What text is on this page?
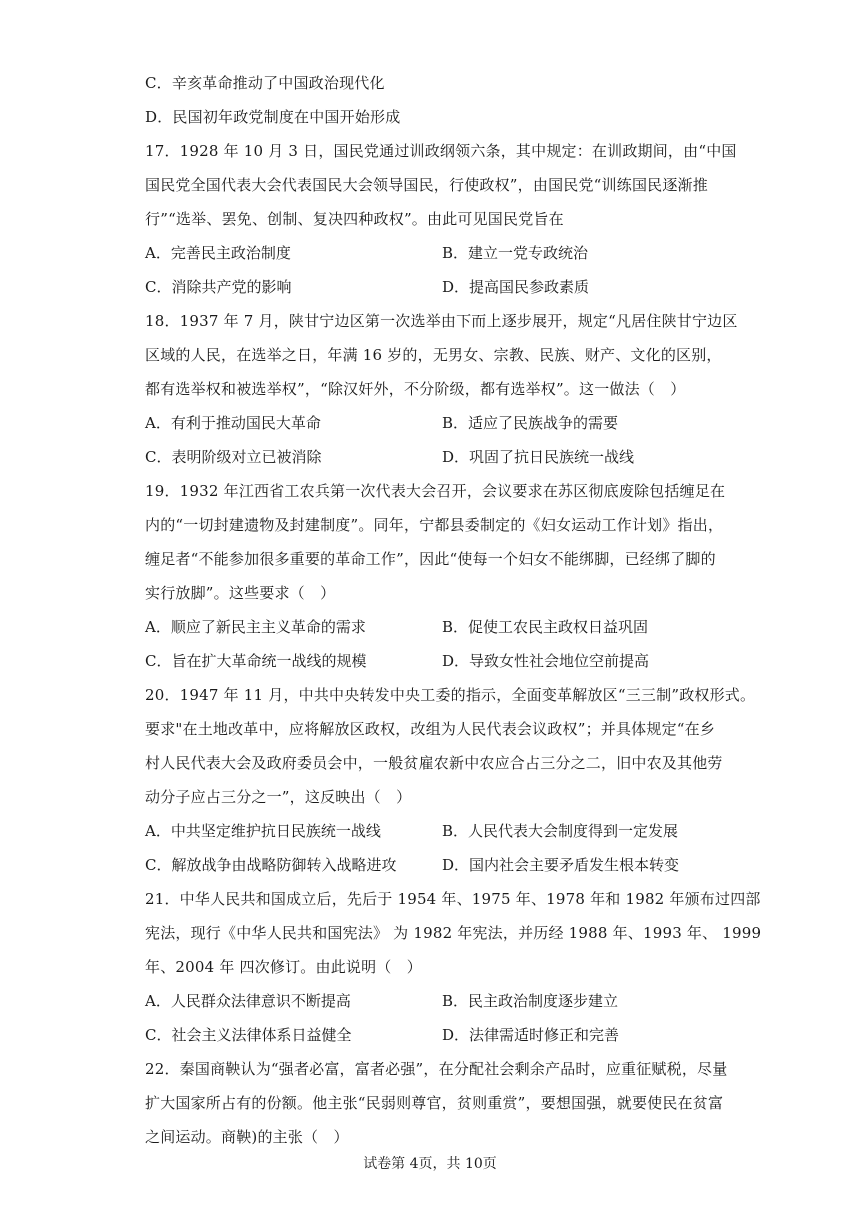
C．辛亥革命推动了中国政治现代化
D．民国初年政党制度在中国开始形成
17．1928 年 10 月 3 日，国民党通过训政纲领六条，其中规定：在训政期间，由“中国
国民党全国代表大会代表国民大会领导国民，行使政权”，由国民党“训练国民逐渐推
行”“选举、罢免、创制、复决四种政权”。由此可见国民党旨在
A．完善民主政治制度	B．建立一党专政统治
C．消除共产党的影响	D．提高国民参政素质
18．1937 年 7 月，陕甘宁边区第一次选举由下而上逐步展开，规定“凡居住陕甘宁边区
区域的人民，在选举之日，年满 16 岁的，无男女、宗教、民族、财产、文化的区别，
都有选举权和被选举权”，“除汉奸外，不分阶级，都有选举权”。这一做法（　）
A．有利于推动国民大革命	B．适应了民族战争的需要
C．表明阶级对立已被消除	D．巩固了抗日民族统一战线
19．1932 年江西省工农兵第一次代表大会召开，会议要求在苏区彻底废除包括缠足在
内的“一切封建遗物及封建制度”。同年，宁都县委制定的《妇女运动工作计划》指出，
缠足者“不能参加很多重要的革命工作”，因此“使每一个妇女不能绑脚，已经绑了脚的
实行放脚”。这些要求（　）
A．顺应了新民主主义革命的需求	B．促使工农民主政权日益巩固
C．旨在扩大革命统一战线的规模	D．导致女性社会地位空前提高
20．1947 年 11 月，中共中央转发中央工委的指示，全面变革解放区“三三制”政权形式。
要求"在土地改革中，应将解放区政权，改组为人民代表会议政权”；并具体规定“在乡
村人民代表大会及政府委员会中，一般贫雇农新中农应合占三分之二，旧中农及其他劳
动分子应占三分之一”，这反映出（　）
A．中共坚定维护抗日民族统一战线	B．人民代表大会制度得到一定发展
C．解放战争由战略防御转入战略进攻	D．国内社会主要矛盾发生根本转变
21．中华人民共和国成立后，先后于 1954 年、1975 年、1978 年和 1982 年颁布过四部
宪法，现行《中华人民共和国宪法》 为 1982 年宪法，并历经 1988 年、1993 年、 1999
年、2004 年 四次修订。由此说明（　）
A．人民群众法律意识不断提高	B．民主政治制度逐步建立
C．社会主义法律体系日益健全	D．法律需适时修正和完善
22．秦国商鞅认为“强者必富，富者必强”，在分配社会剩余产品时，应重征赋税，尽量
扩大国家所占有的份额。他主张“民弱则尊官，贫则重赏”，要想国强，就要使民在贫富
之间运动。商鞅)的主张（　）
试卷第 4页，共 10页
